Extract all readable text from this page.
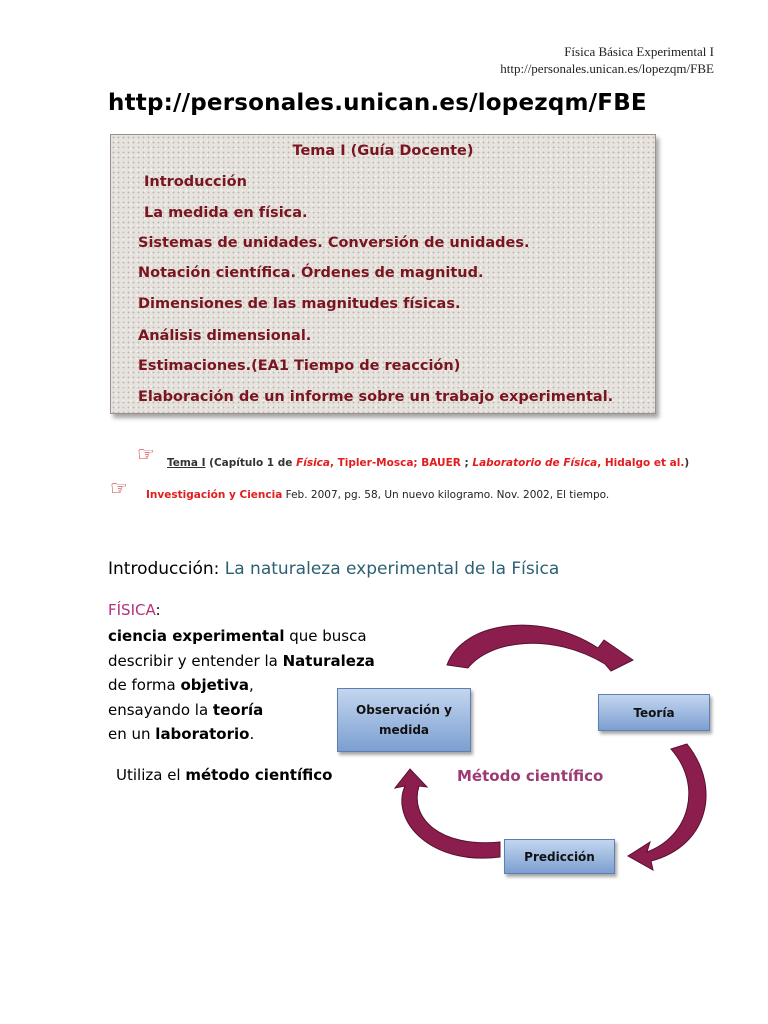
Física Básica Experimental I
http://personales.unican.es/lopezqm/FBE
http://personales.unican.es/lopezqm/FBE
Tema I (Guía Docente)
Introducción
La medida en física.
Sistemas de unidades. Conversión de unidades.
Notación científica. Órdenes de magnitud.
Dimensiones de las magnitudes físicas.
Análisis dimensional.
Estimaciones.(EA1 Tiempo de reacción)
Elaboración de un informe sobre un trabajo experimental.
☞ Tema I (Capítulo 1 de Física, Tipler-Mosca; BAUER ; Laboratorio de Física, Hidalgo et al.)
☞ Investigación y Ciencia Feb. 2007, pg. 58, Un nuevo kilogramo. Nov. 2002, El tiempo.
Introducción: La naturaleza experimental de la Física
FÍSICA:
ciencia experimental que busca
describir y entender la Naturaleza
de forma objetiva,
ensayando la teoría
en un laboratorio.
Utiliza el método científico	Método científico
Observación y medida
Teoría
Predicción
